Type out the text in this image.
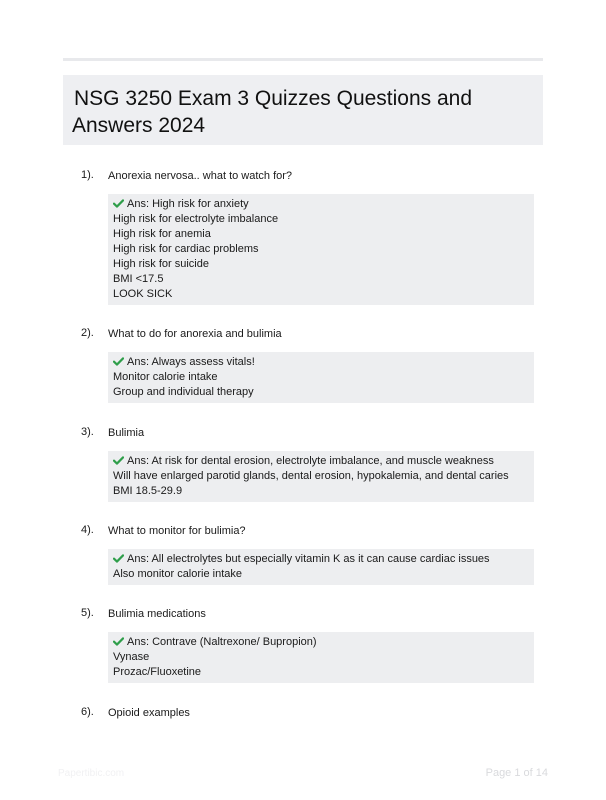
NSG 3250 Exam 3 Quizzes Questions and
Answers 2024
1). Anorexia nervosa.. what to watch for?
Ans: High risk for anxiety
High risk for electrolyte imbalance
High risk for anemia
High risk for cardiac problems
High risk for suicide
BMI <17.5
LOOK SICK
2). What to do for anorexia and bulimia
Ans: Always assess vitals!
Monitor calorie intake
Group and individual therapy
3). Bulimia
Ans: At risk for dental erosion, electrolyte imbalance, and muscle weakness
Will have enlarged parotid glands, dental erosion, hypokalemia, and dental caries
BMI 18.5-29.9
4). What to monitor for bulimia?
Ans: All electrolytes but especially vitamin K as it can cause cardiac issues
Also monitor calorie intake
5). Bulimia medications
Ans: Contrave (Naltrexone/ Bupropion)
Vynase
Prozac/Fluoxetine
6). Opioid examples
Papertibic.com	Page 1 of 14
